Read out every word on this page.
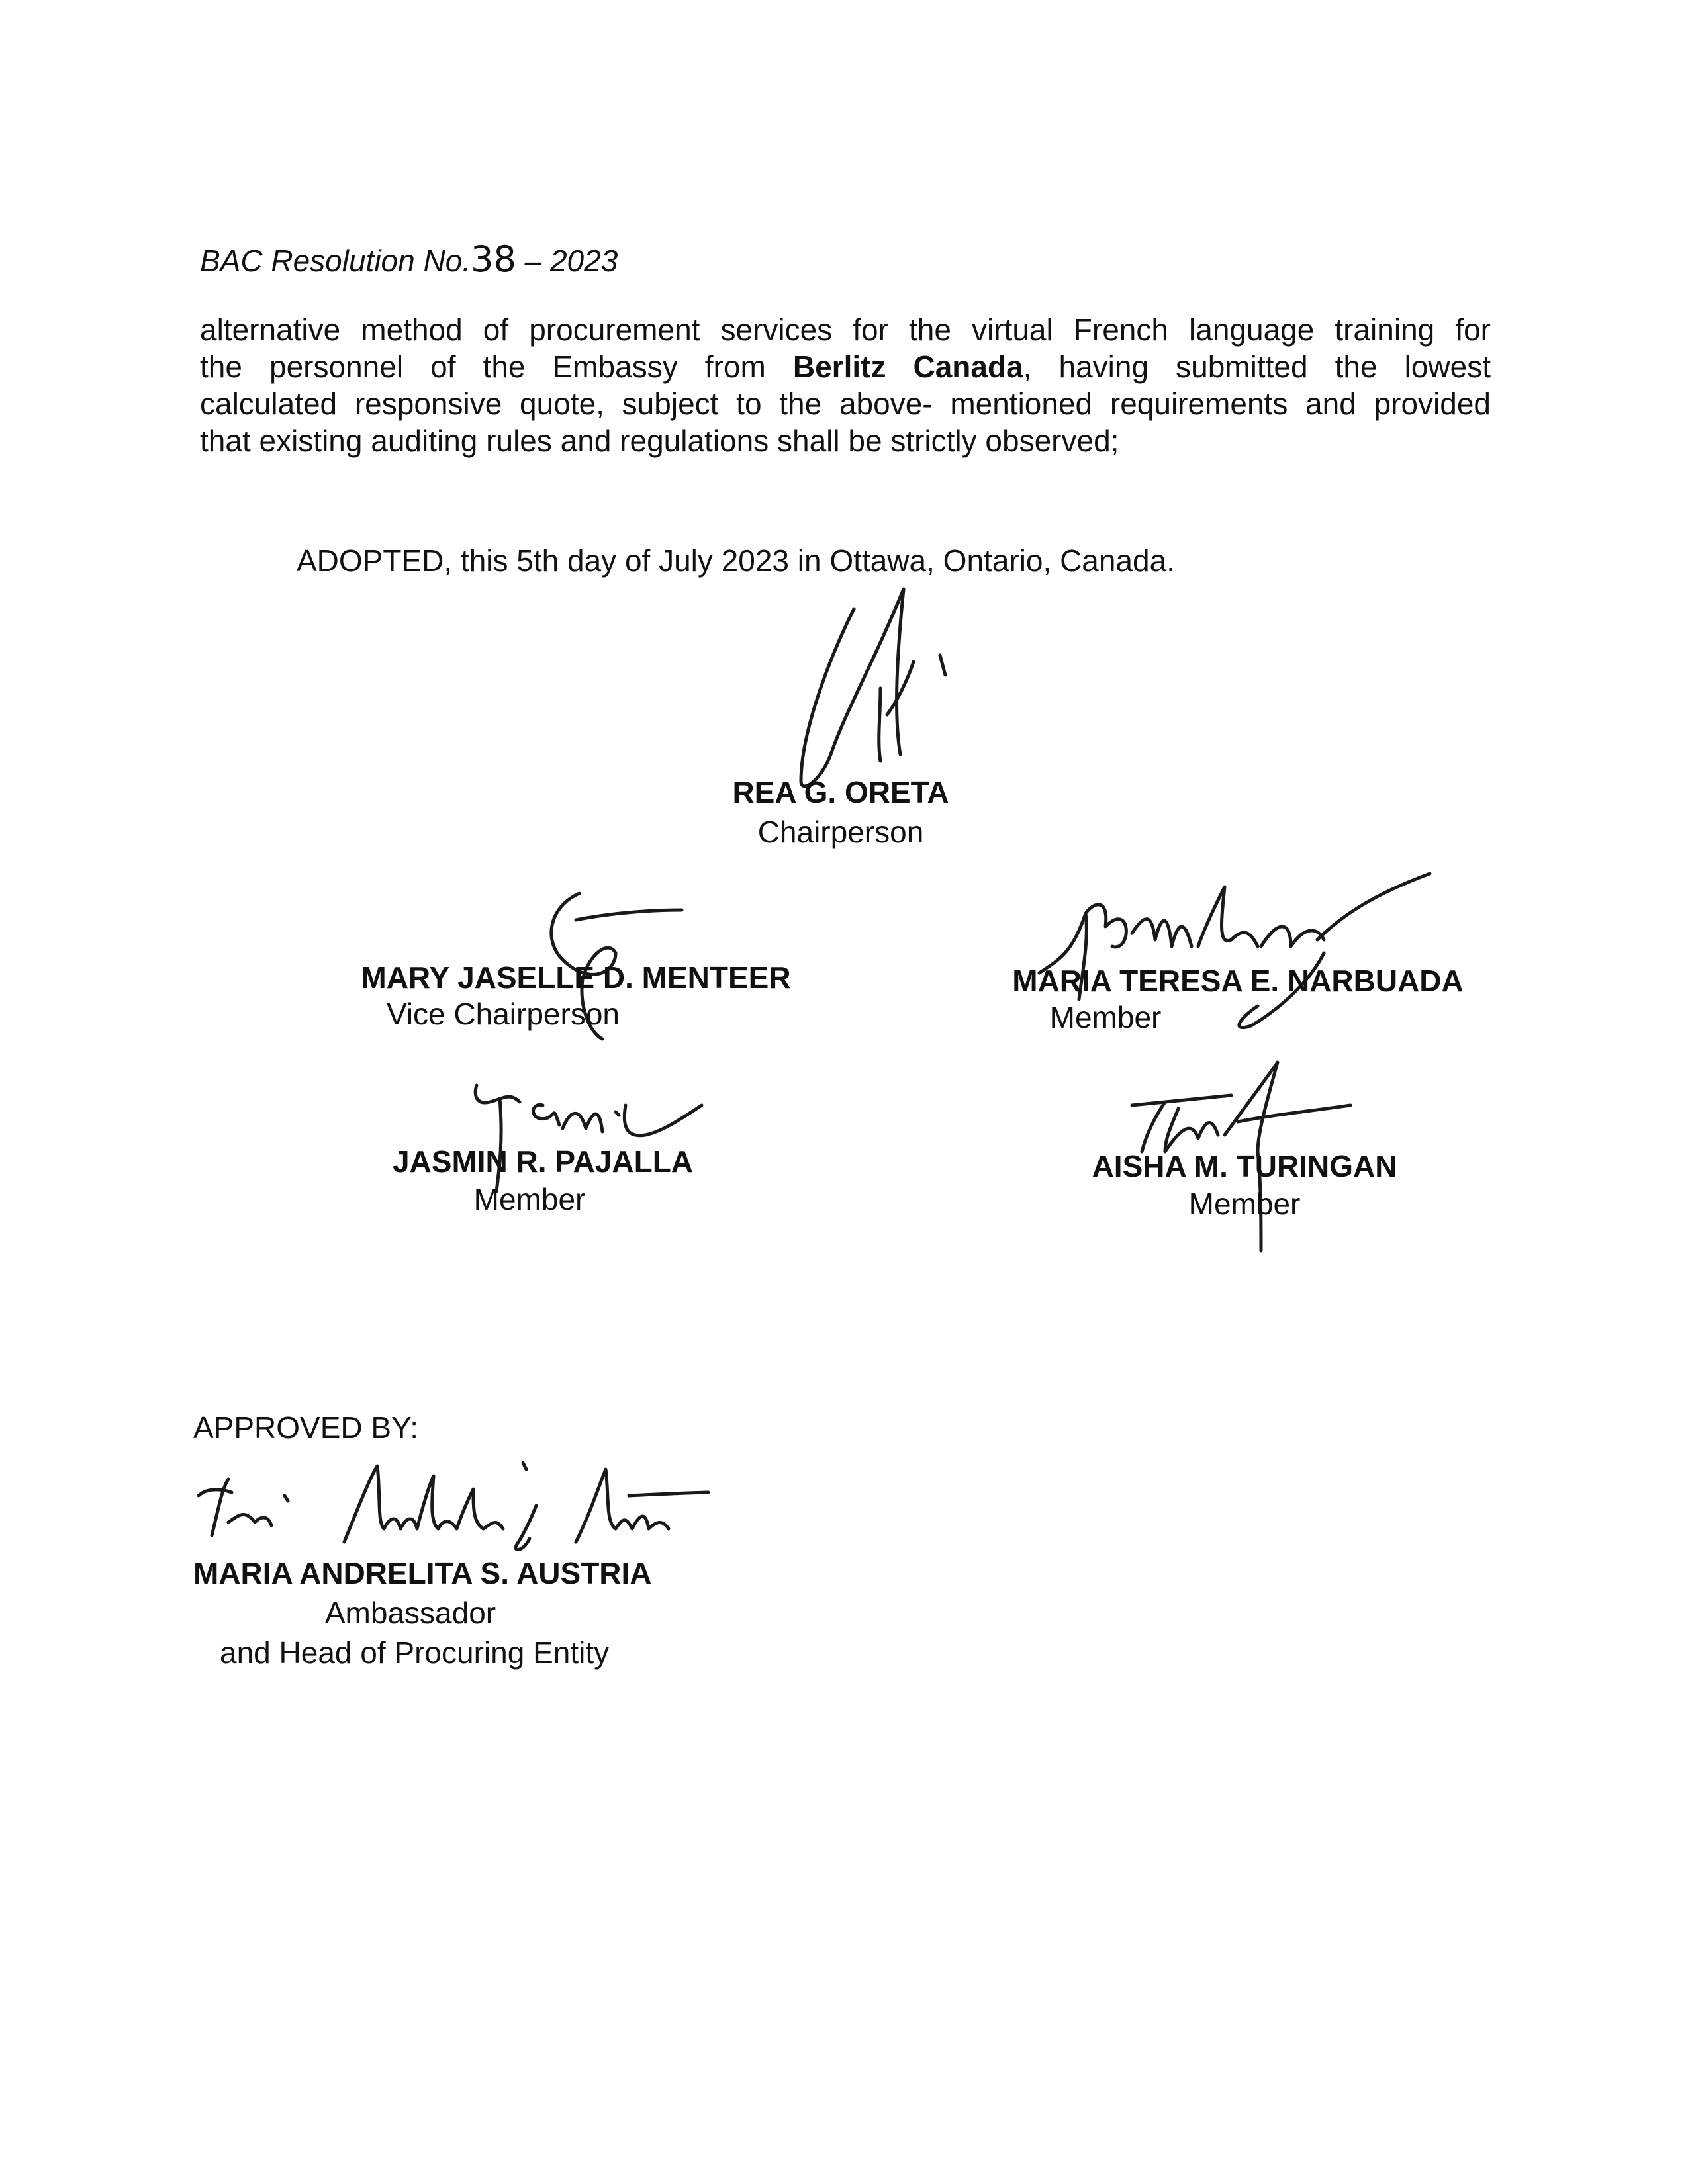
BAC Resolution No.38 – 2023
alternative method of procurement services for the virtual French language training for
the personnel of the Embassy from Berlitz Canada, having submitted the lowest
calculated responsive quote, subject to the above- mentioned requirements and provided
that existing auditing rules and regulations shall be strictly observed;
ADOPTED, this 5th day of July 2023 in Ottawa, Ontario, Canada.
REA G. ORETA
Chairperson
MARY JASELLE D. MENTEER
Vice Chairperson
MARIA TERESA E. NARBUADA
Member
JASMIN R. PAJALLA
Member
AISHA M. TURINGAN
Member
APPROVED BY:
MARIA ANDRELITA S. AUSTRIA
Ambassador
and Head of Procuring Entity
